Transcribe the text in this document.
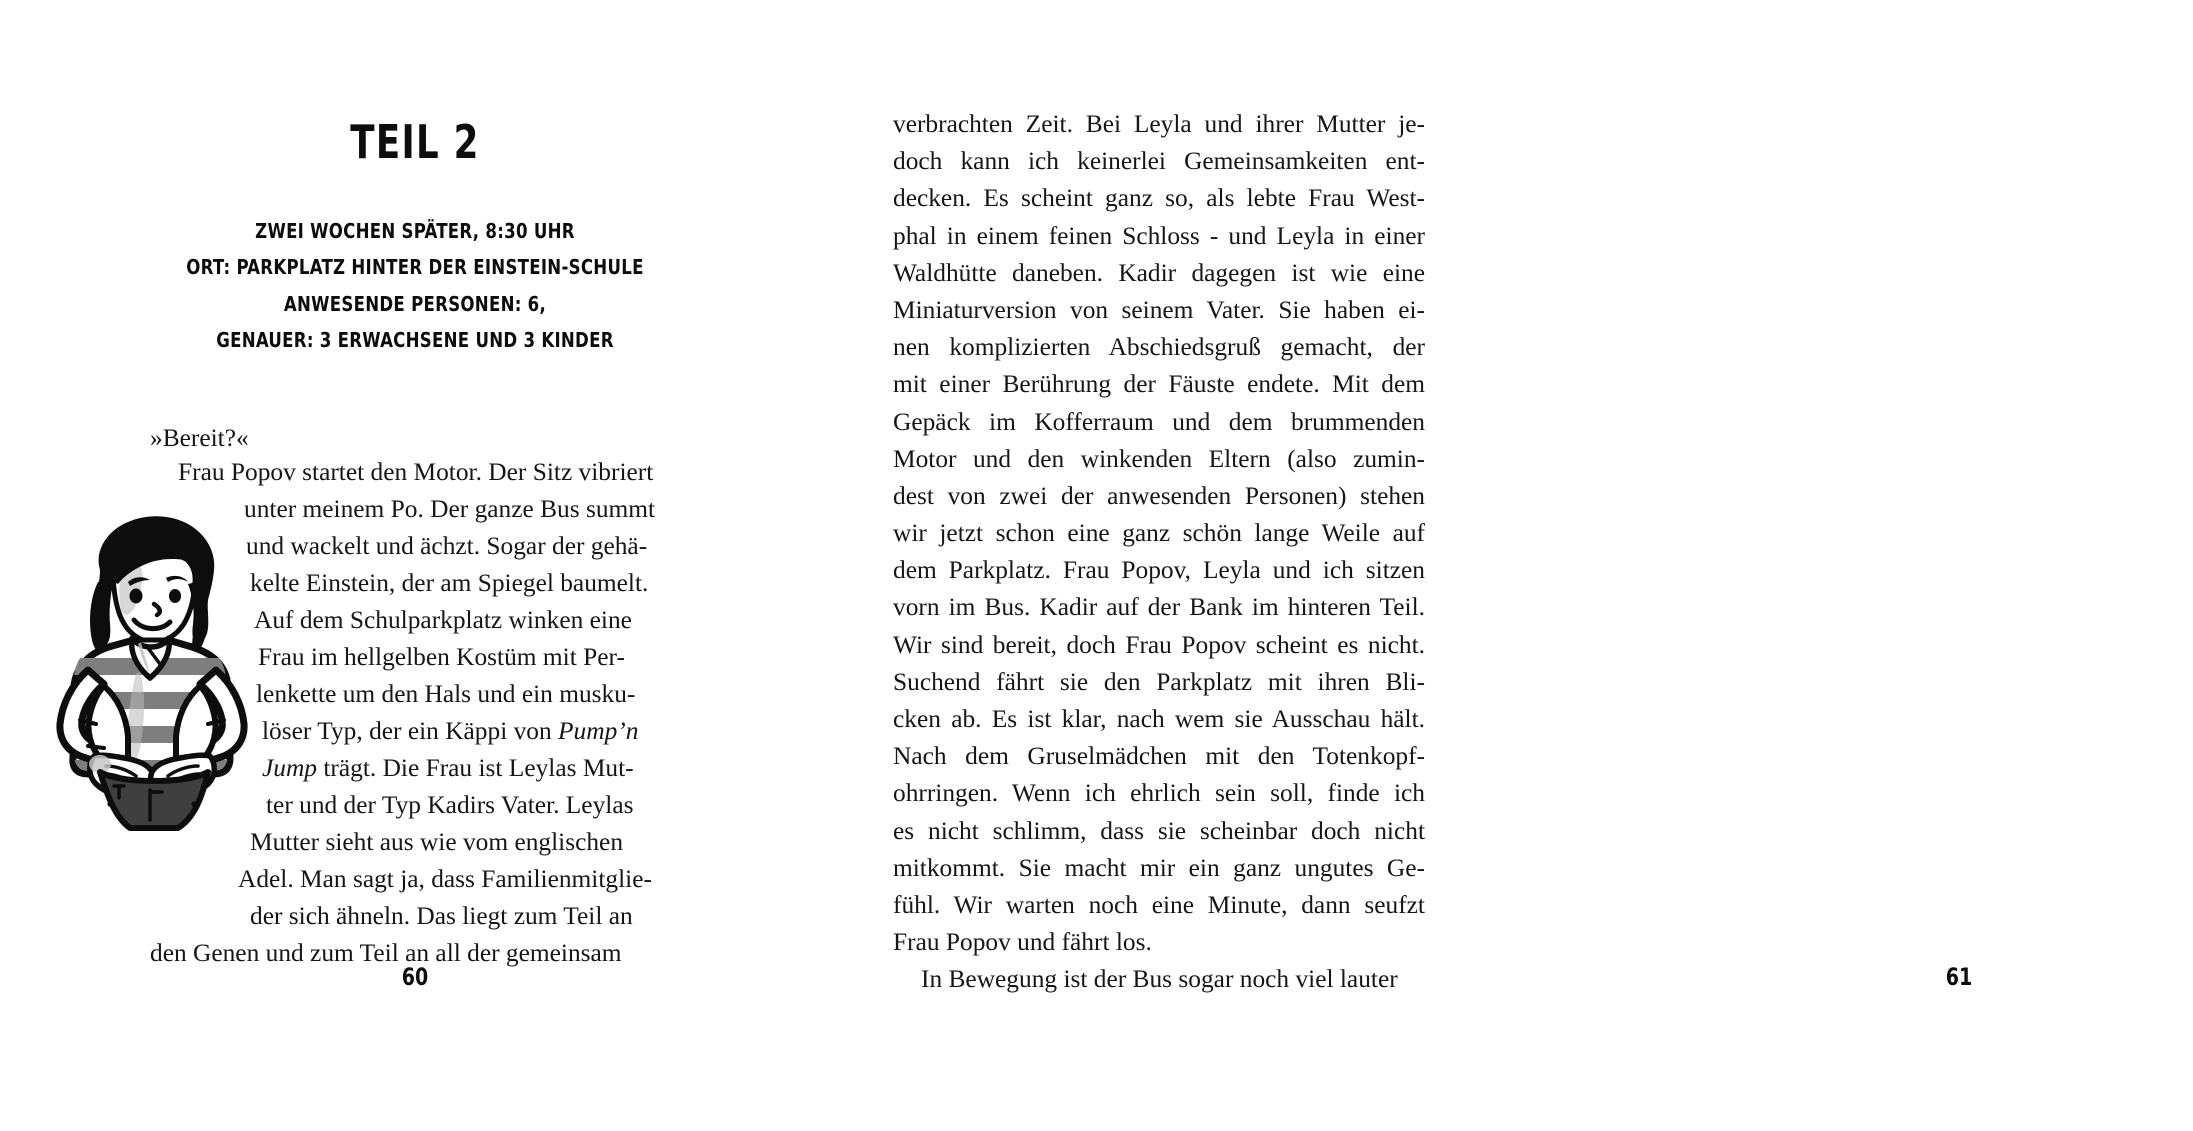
TEIL 2
ZWEI WOCHEN SPÄTER, 8:30 UHR
ORT: PARKPLATZ HINTER DER EINSTEIN-SCHULE
ANWESENDE PERSONEN: 6,
GENAUER: 3 ERWACHSENE UND 3 KINDER
»Bereit?«
Frau Popov startet den Motor. Der Sitz vibriert
unter meinem Po. Der ganze Bus summt
und wackelt und ächzt. Sogar der gehä-
kelte Einstein, der am Spiegel baumelt.
Auf dem Schulparkplatz winken eine
Frau im hellgelben Kostüm mit Per-
lenkette um den Hals und ein musku-
löser Typ, der ein Käppi von Pump’n
Jump trägt. Die Frau ist Leylas Mut-
ter und der Typ Kadirs Vater. Leylas
Mutter sieht aus wie vom englischen
Adel. Man sagt ja, dass Familienmitglie-
der sich ähneln. Das liegt zum Teil an
den Genen und zum Teil an all der gemeinsam
60
verbrachten Zeit. Bei Leyla und ihrer Mutter je-
doch kann ich keinerlei Gemeinsamkeiten ent-
decken. Es scheint ganz so, als lebte Frau West-
phal in einem feinen Schloss - und Leyla in einer
Waldhütte daneben. Kadir dagegen ist wie eine
Miniaturversion von seinem Vater. Sie haben ei-
nen komplizierten Abschiedsgruß gemacht, der
mit einer Berührung der Fäuste endete. Mit dem
Gepäck im Kofferraum und dem brummenden
Motor und den winkenden Eltern (also zumin-
dest von zwei der anwesenden Personen) stehen
wir jetzt schon eine ganz schön lange Weile auf
dem Parkplatz. Frau Popov, Leyla und ich sitzen
vorn im Bus. Kadir auf der Bank im hinteren Teil.
Wir sind bereit, doch Frau Popov scheint es nicht.
Suchend fährt sie den Parkplatz mit ihren Bli-
cken ab. Es ist klar, nach wem sie Ausschau hält.
Nach dem Gruselmädchen mit den Totenkopf-
ohrringen. Wenn ich ehrlich sein soll, finde ich
es nicht schlimm, dass sie scheinbar doch nicht
mitkommt. Sie macht mir ein ganz ungutes Ge-
fühl. Wir warten noch eine Minute, dann seufzt
Frau Popov und fährt los.
In Bewegung ist der Bus sogar noch viel lauter	61
